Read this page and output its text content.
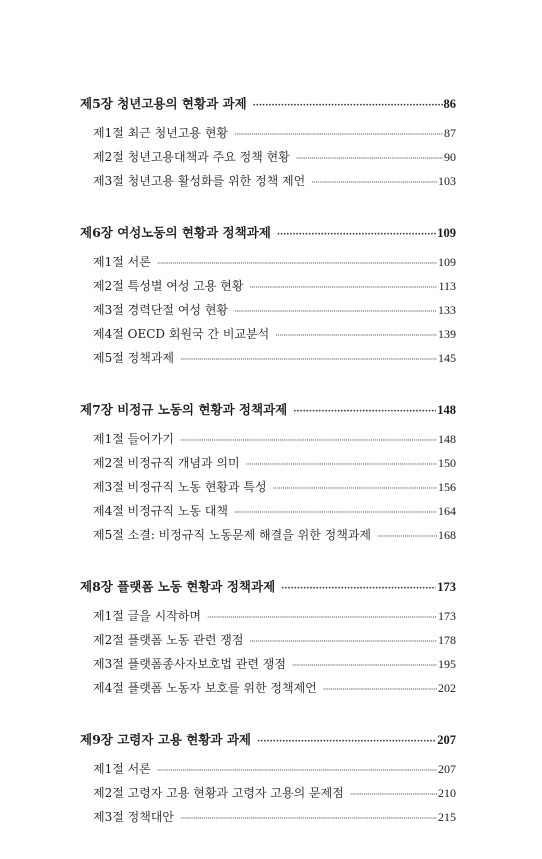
제5장 청년고용의 현황과 과제 ·····	86
제1절 최근 청년고용 현황 ·····	87
제2절 청년고용대책과 주요 정책 현황 ·····	90
제3절 청년고용 활성화를 위한 정책 제언 ·····	103
제6장 여성노동의 현황과 정책과제 ·····	109
제1절 서론 ·····	109
제2절 특성별 여성 고용 현황 ·····	113
제3절 경력단절 여성 현황 ·····	133
제4절 OECD 회원국 간 비교분석 ·····	139
제5절 정책과제 ·····	145
제7장 비정규 노동의 현황과 정책과제 ·····	148
제1절 들어가기 ·····	148
제2절 비정규직 개념과 의미 ·····	150
제3절 비정규직 노동 현황과 특성 ·····	156
제4절 비정규직 노동 대책 ·····	164
제5절 소결: 비정규직 노동문제 해결을 위한 정책과제 ·····	168
제8장 플랫폼 노동 현황과 정책과제 ·····	173
제1절 글을 시작하며 ·····	173
제2절 플랫폼 노동 관련 쟁점 ·····	178
제3절 플랫폼종사자보호법 관련 쟁점 ·····	195
제4절 플랫폼 노동자 보호를 위한 정책제언 ·····	202
제9장 고령자 고용 현황과 과제 ·····	207
제1절 서론 ·····	207
제2절 고령자 고용 현황과 고령자 고용의 문제점 ·····	210
제3절 정책대안 ·····	215
